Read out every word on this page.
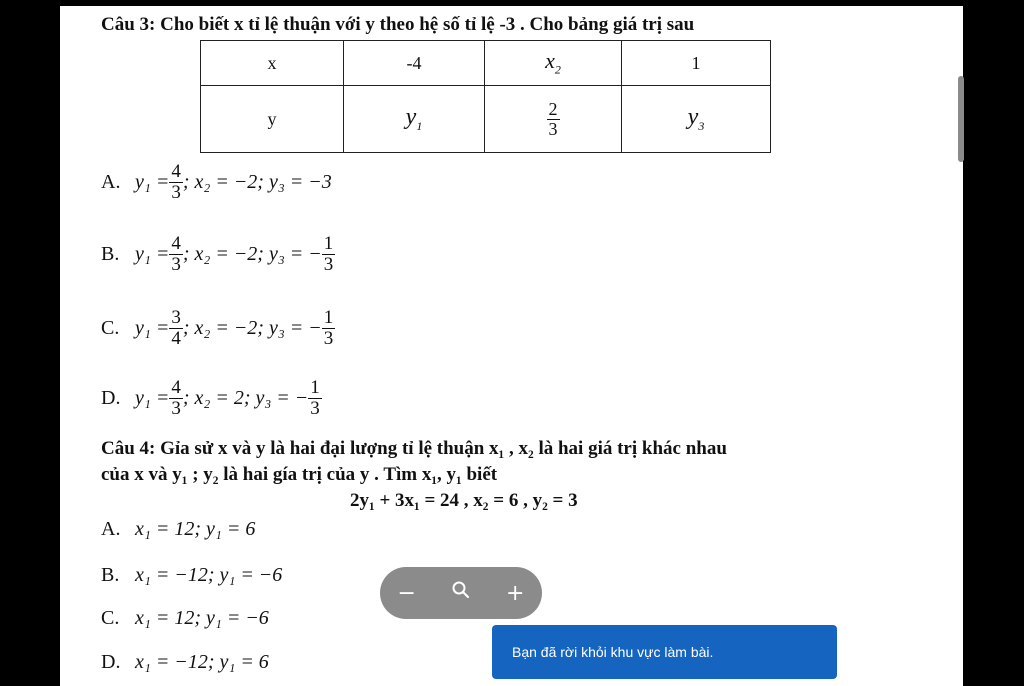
Câu 3: Cho biết x tỉ lệ thuận với y theo hệ số tỉ lệ -3 . Cho bảng giá trị sau
x	-4	$x_2$	1
y	$y_1$	$\frac{2}{3}$	$y_3$
A. $y_1 = \frac{4}{3}$ ; x₂ = −2; y₃ = −3
B. $y_1 = \frac{4}{3}$ ; x₂ = −2; y₃ = − $\frac{1}{3}$
C. $y_1 = \frac{3}{4}$ ; x₂ = −2; y₃ = − $\frac{1}{3}$
D. $y_1 = \frac{4}{3}$ ; x₂ = 2; y₃ = − $\frac{1}{3}$
Câu 4: Gỉa sử x và y là hai đại lượng tỉ lệ thuận x₁ , x₂ là hai giá trị khác nhau
của x và y₁ ; y₂ là hai gía trị của y . Tìm x₁, y₁ biết
2y₁ + 3x₁ = 24 , x₂ = 6 , y₂ = 3
A. x₁ = 12; y₁ = 6
B. x₁ = −12; y₁ = −6
C. x₁ = 12; y₁ = −6
D. x₁ = −12; y₁ = 6
−	+
Bạn đã rời khỏi khu vực làm bài.
